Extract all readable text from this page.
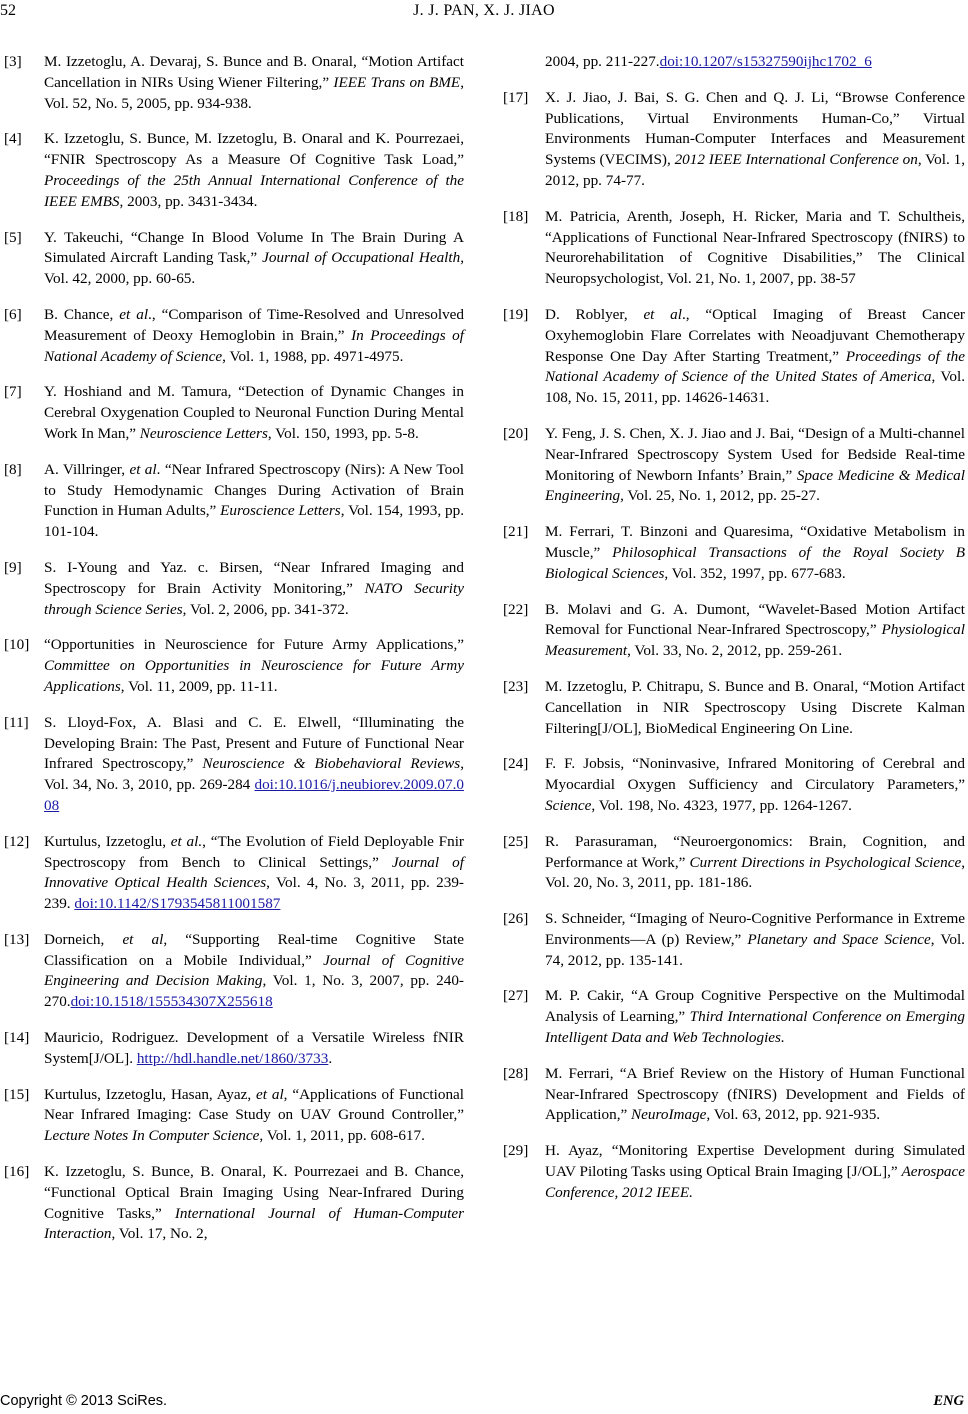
52	J. J. PAN, X. J. JIAO
[3] M. Izzetoglu, A. Devaraj, S. Bunce and B. Onaral, “Motion Artifact Cancellation in NIRs Using Wiener Filtering,” IEEE Trans on BME, Vol. 52, No. 5, 2005, pp. 934-938.
[4] K. Izzetoglu, S. Bunce, M. Izzetoglu, B. Onaral and K. Pourrezaei, “FNIR Spectroscopy As a Measure Of Cognitive Task Load,” Proceedings of the 25th Annual International Conference of the IEEE EMBS, 2003, pp. 3431-3434.
[5] Y. Takeuchi, “Change In Blood Volume In The Brain During A Simulated Aircraft Landing Task,” Journal of Occupational Health, Vol. 42, 2000, pp. 60-65.
[6] B. Chance, et al., “Comparison of Time-Resolved and Unresolved Measurement of Deoxy Hemoglobin in Brain,” In Proceedings of National Academy of Science, Vol. 1, 1988, pp. 4971-4975.
[7] Y. Hoshiand and M. Tamura, “Detection of Dynamic Changes in Cerebral Oxygenation Coupled to Neuronal Function During Mental Work In Man,” Neuroscience Letters, Vol. 150, 1993, pp. 5-8.
[8] A. Villringer, et al. “Near Infrared Spectroscopy (Nirs): A New Tool to Study Hemodynamic Changes During Activation of Brain Function in Human Adults,” Euroscience Letters, Vol. 154, 1993, pp. 101-104.
[9] S. I-Young and Yaz. c. Birsen, “Near Infrared Imaging and Spectroscopy for Brain Activity Monitoring,” NATO Security through Science Series, Vol. 2, 2006, pp. 341-372.
[10] “Opportunities in Neuroscience for Future Army Applications,” Committee on Opportunities in Neuroscience for Future Army Applications, Vol. 11, 2009, pp. 11-11.
[11] S. Lloyd-Fox, A. Blasi and C. E. Elwell, “Illuminating the Developing Brain: The Past, Present and Future of Functional Near Infrared Spectroscopy,” Neuroscience & Biobehavioral Reviews, Vol. 34, No. 3, 2010, pp. 269-284 doi:10.1016/j.neubiorev.2009.07.008
[12] Kurtulus, Izzetoglu, et al., “The Evolution of Field Deployable Fnir Spectroscopy from Bench to Clinical Settings,” Journal of Innovative Optical Health Sciences, Vol. 4, No. 3, 2011, pp. 239-239. doi:10.1142/S1793545811001587
[13] Dorneich, et al, “Supporting Real-time Cognitive State Classification on a Mobile Individual,” Journal of Cognitive Engineering and Decision Making, Vol. 1, No. 3, 2007, pp. 240-270.doi:10.1518/155534307X255618
[14] Mauricio, Rodriguez. Development of a Versatile Wireless fNIR System[J/OL]. http://hdl.handle.net/1860/3733.
[15] Kurtulus, Izzetoglu, Hasan, Ayaz, et al, “Applications of Functional Near Infrared Imaging: Case Study on UAV Ground Controller,” Lecture Notes In Computer Science, Vol. 1, 2011, pp. 608-617.
[16] K. Izzetoglu, S. Bunce, B. Onaral, K. Pourrezaei and B. Chance, “Functional Optical Brain Imaging Using Near-Infrared During Cognitive Tasks,” International Journal of Human-Computer Interaction, Vol. 17, No. 2,
2004, pp. 211-227.doi:10.1207/s15327590ijhc1702_6
[17] X. J. Jiao, J. Bai, S. G. Chen and Q. J. Li, “Browse Conference Publications, Virtual Environments Human-Co,” Virtual Environments Human-Computer Interfaces and Measurement Systems (VECIMS), 2012 IEEE International Conference on, Vol. 1, 2012, pp. 74-77.
[18] M. Patricia, Arenth, Joseph, H. Ricker, Maria and T. Schultheis, “Applications of Functional Near-Infrared Spectroscopy (fNIRS) to Neurorehabilitation of Cognitive Disabilities,” The Clinical Neuropsychologist, Vol. 21, No. 1, 2007, pp. 38-57
[19] D. Roblyer, et al., “Optical Imaging of Breast Cancer Oxyhemoglobin Flare Correlates with Neoadjuvant Chemotherapy Response One Day After Starting Treatment,” Proceedings of the National Academy of Science of the United States of America, Vol. 108, No. 15, 2011, pp. 14626-14631.
[20] Y. Feng, J. S. Chen, X. J. Jiao and J. Bai, “Design of a Multi-channel Near-Infrared Spectroscopy System Used for Bedside Real-time Monitoring of Newborn Infants’ Brain,” Space Medicine & Medical Engineering, Vol. 25, No. 1, 2012, pp. 25-27.
[21] M. Ferrari, T. Binzoni and Quaresima, “Oxidative Metabolism in Muscle,” Philosophical Transactions of the Royal Society B Biological Sciences, Vol. 352, 1997, pp. 677-683.
[22] B. Molavi and G. A. Dumont, “Wavelet-Based Motion Artifact Removal for Functional Near-Infrared Spectroscopy,” Physiological Measurement, Vol. 33, No. 2, 2012, pp. 259-261.
[23] M. Izzetoglu, P. Chitrapu, S. Bunce and B. Onaral, “Motion Artifact Cancellation in NIR Spectroscopy Using Discrete Kalman Filtering[J/OL], BioMedical Engineering On Line.
[24] F. F. Jobsis, “Noninvasive, Infrared Monitoring of Cerebral and Myocardial Oxygen Sufficiency and Circulatory Parameters,” Science, Vol. 198, No. 4323, 1977, pp. 1264-1267.
[25] R. Parasuraman, “Neuroergonomics: Brain, Cognition, and Performance at Work,” Current Directions in Psychological Science, Vol. 20, No. 3, 2011, pp. 181-186.
[26] S. Schneider, “Imaging of Neuro-Cognitive Performance in Extreme Environments—A (p) Review,” Planetary and Space Science, Vol. 74, 2012, pp. 135-141.
[27] M. P. Cakir, “A Group Cognitive Perspective on the Multimodal Analysis of Learning,” Third International Conference on Emerging Intelligent Data and Web Technologies.
[28] M. Ferrari, “A Brief Review on the History of Human Functional Near-Infrared Spectroscopy (fNIRS) Development and Fields of Application,” NeuroImage, Vol. 63, 2012, pp. 921-935.
[29] H. Ayaz, “Monitoring Expertise Development during Simulated UAV Piloting Tasks using Optical Brain Imaging [J/OL],” Aerospace Conference, 2012 IEEE.
Copyright © 2013 SciRes.	ENG
